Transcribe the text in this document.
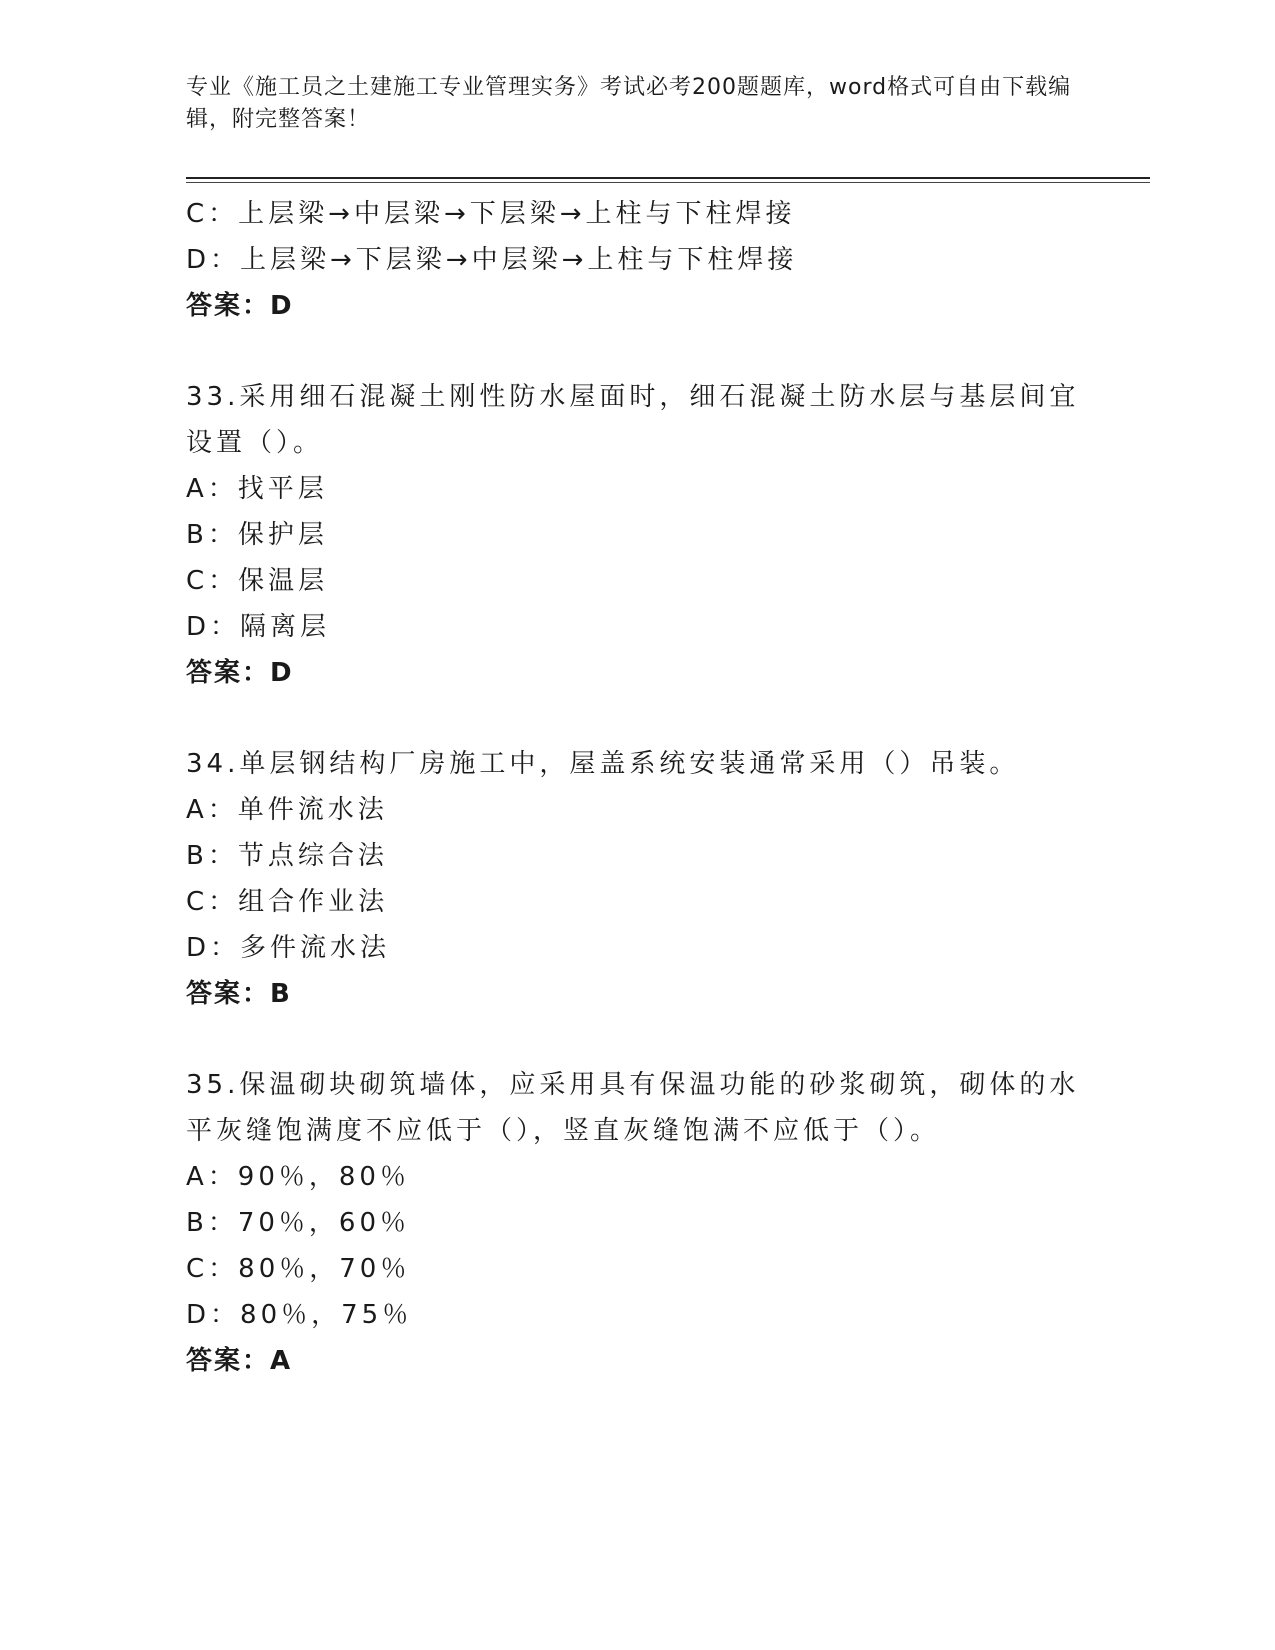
专业《施工员之土建施工专业管理实务》考试必考200题题库，word格式可自由下载编辑，附完整答案！
C：上层梁→中层梁→下层梁→上柱与下柱焊接
D：上层梁→下层梁→中层梁→上柱与下柱焊接
答案：D
33.采用细石混凝土刚性防水屋面时，细石混凝土防水层与基层间宜设置（）。
A：找平层
B：保护层
C：保温层
D：隔离层
答案：D
34.单层钢结构厂房施工中，屋盖系统安装通常采用（）吊装。
A：单件流水法
B：节点综合法
C：组合作业法
D：多件流水法
答案：B
35.保温砌块砌筑墙体，应采用具有保温功能的砂浆砌筑，砌体的水平灰缝饱满度不应低于（），竖直灰缝饱满不应低于（）。
A：90％，80％
B：70％，60％
C：80％，70％
D：80％，75％
答案：A
